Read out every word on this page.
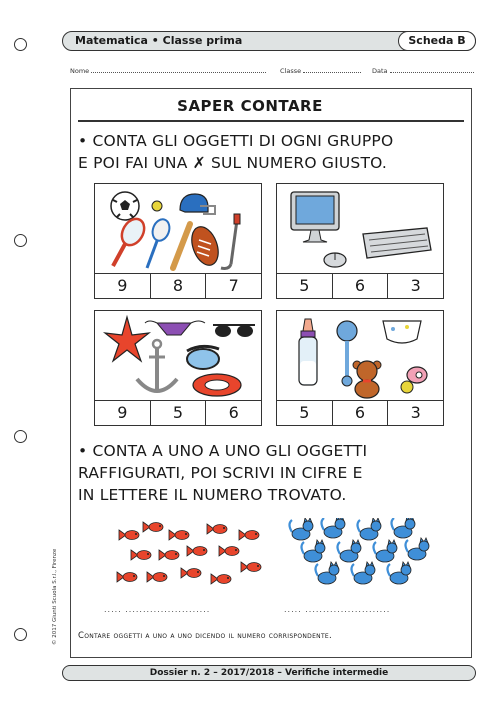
Matematica • Classe prima	Scheda B
Nome	Classe	Data
SAPER CONTARE
• CONTA GLI OGGETTI DI OGNI GRUPPO
E POI FAI UNA ✗ SUL NUMERO GIUSTO.
9	8	7	5	6	3
9	5	6	5	6	3
• CONTA A UNO A UNO GLI OGGETTI
RAFFIGURATI, POI SCRIVI IN CIFRE E
IN LETTERE IL NUMERO TROVATO.
..... ........................	..... ........................
Contare oggetti a uno a uno dicendo il numero corrispondente.
© 2017 Giunti Scuola S.r.l., Firenze
Dossier n. 2 – 2017/2018 – Verifiche intermedie
